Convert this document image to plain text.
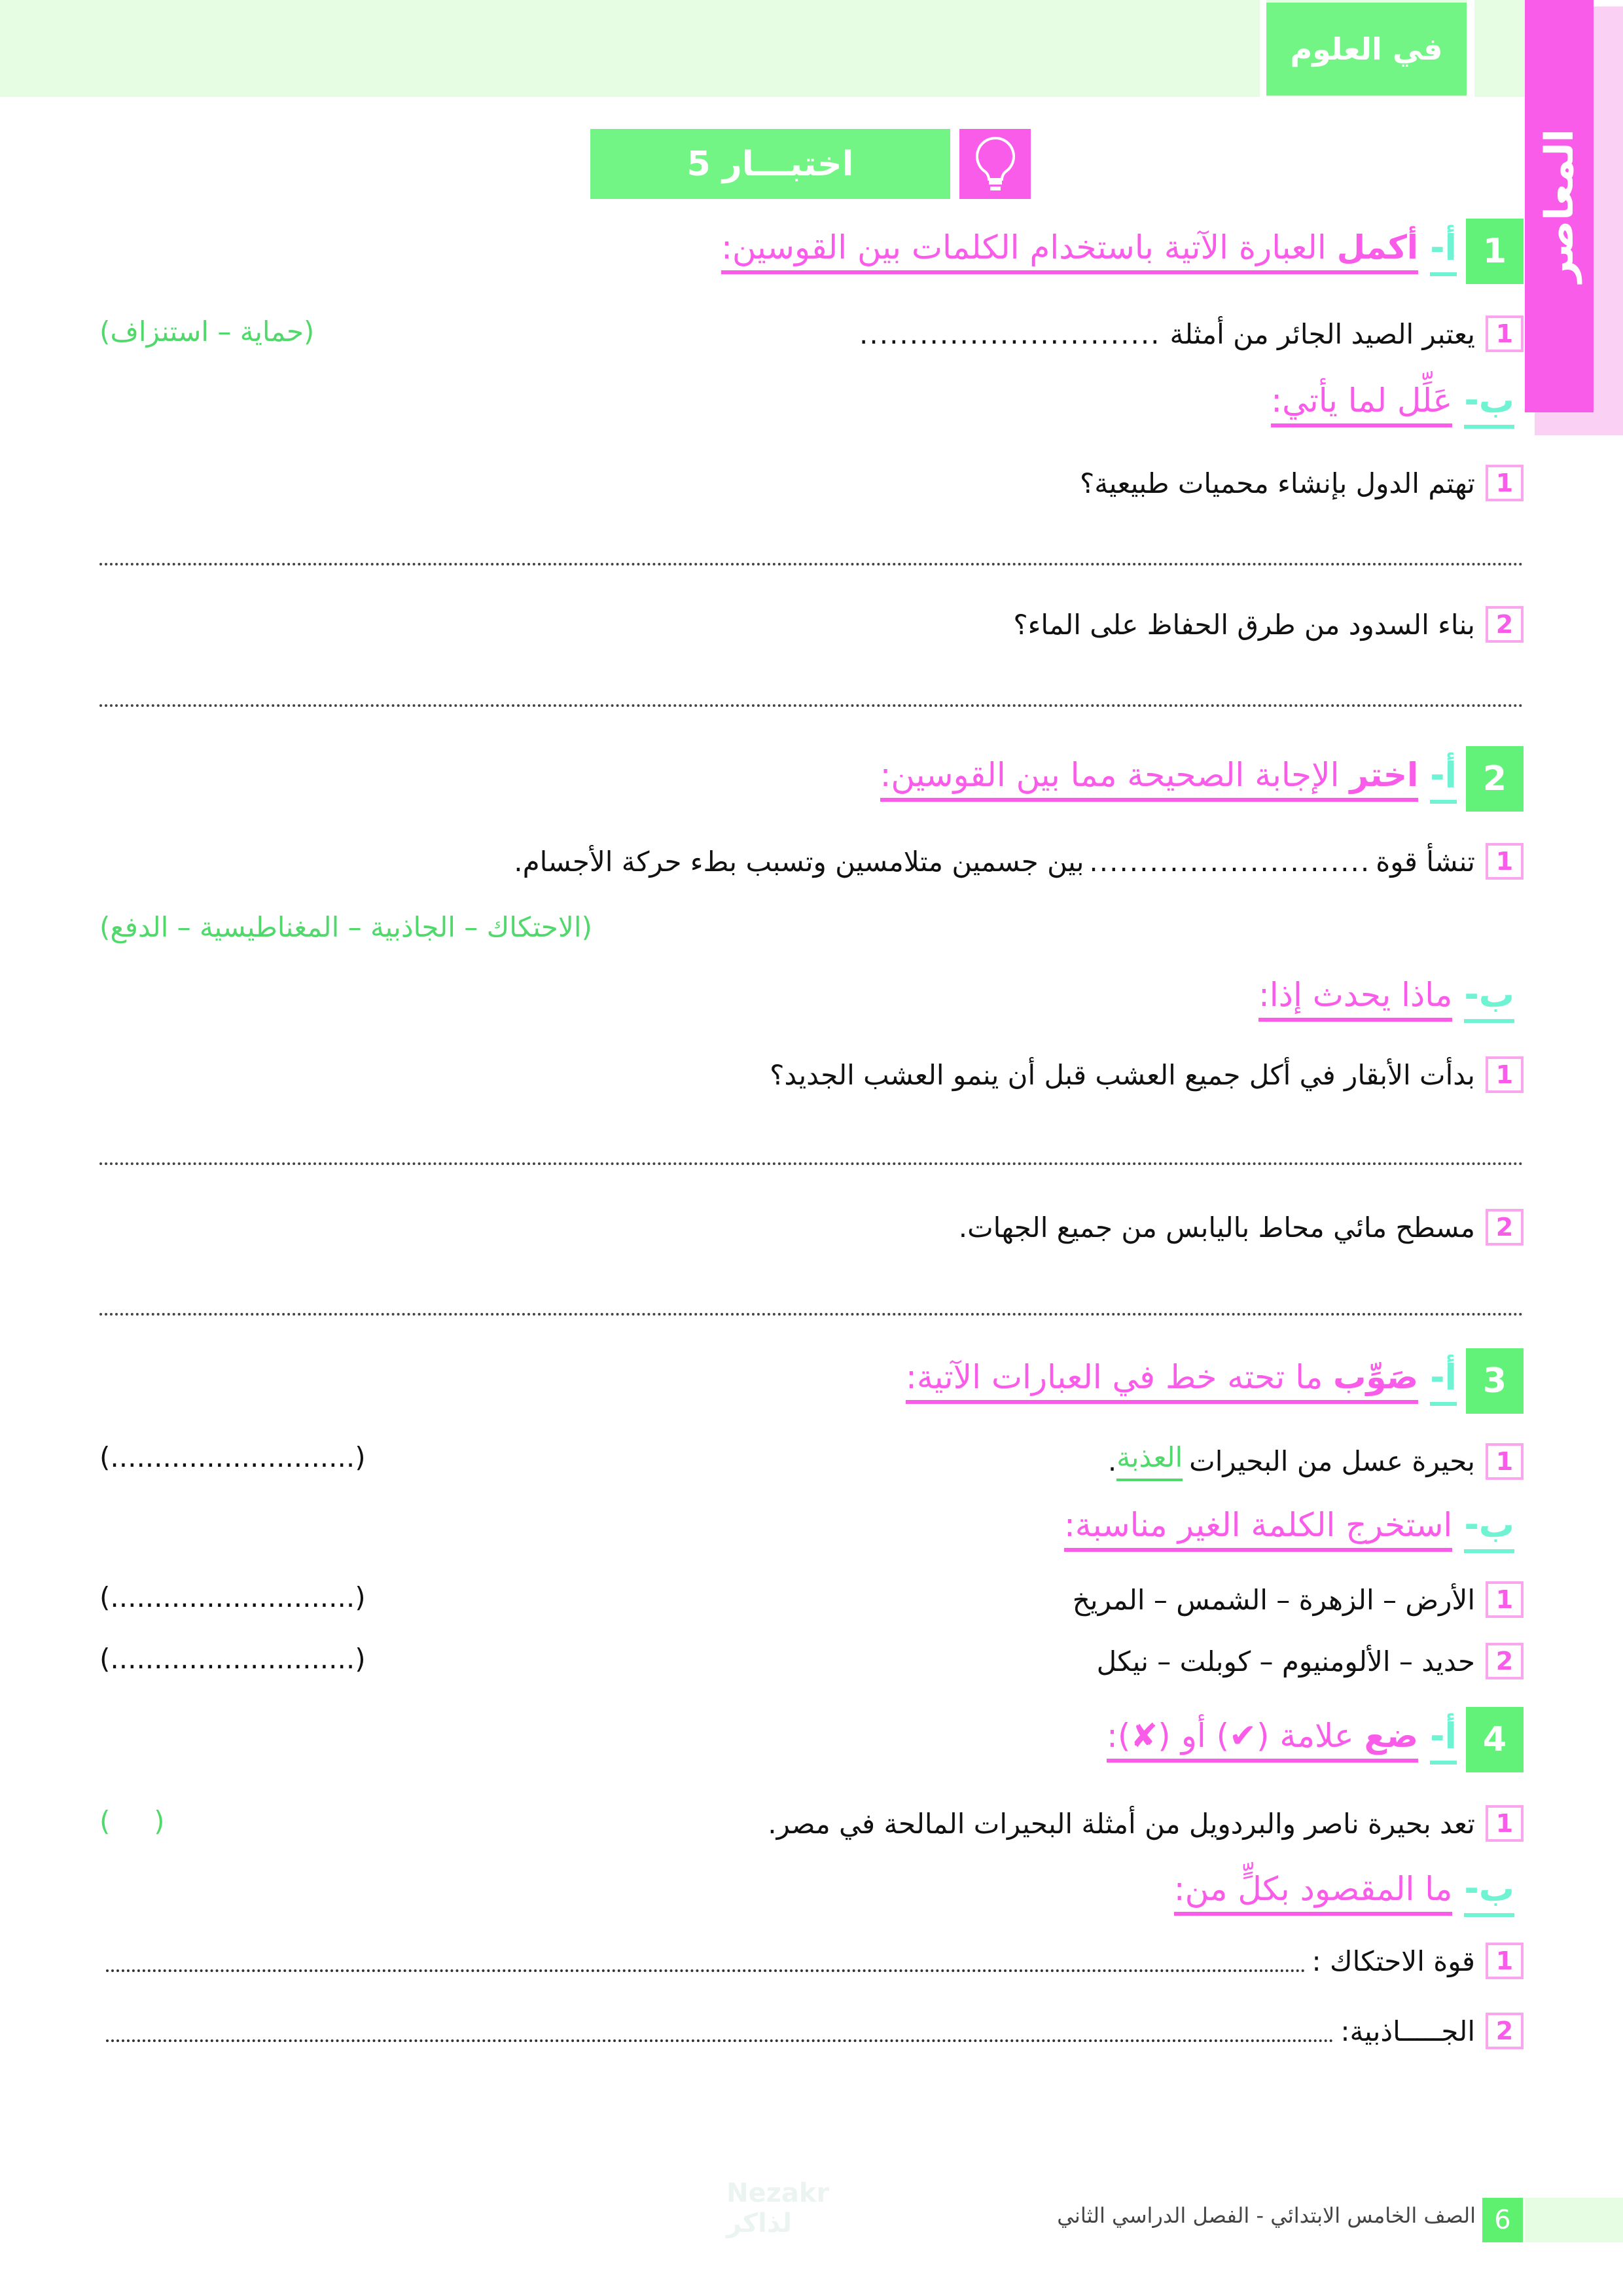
في العلوم
المعاصر
اختبـــار 5
1
أ-
أكمل العبارة الآتية باستخدام الكلمات بين القوسين:
1
يعتبر الصيد الجائر من أمثلة
..............................
(حماية – استنزاف)
ب-
عَلِّل لما يأتي:
1
تهتم الدول بإنشاء محميات طبيعية؟
2
بناء السدود من طرق الحفاظ على الماء؟
2
أ-
اختر الإجابة الصحيحة مما بين القوسين:
1
تنشأ قوة
............................
بين جسمين متلامسين وتسبب بطء حركة الأجسام.
(الاحتكاك – الجاذبية – المغناطيسية – الدفع)
ب-
ماذا يحدث إذا:
1
بدأت الأبقار في أكل جميع العشب قبل أن ينمو العشب الجديد؟
2
مسطح مائي محاط باليابس من جميع الجهات.
3
أ-
صَوِّب ما تحته خط في العبارات الآتية:
1
بحيرة عسل من البحيرات
العذبة
.
(............................)
ب-
استخرج الكلمة الغير مناسبة:
1
الأرض – الزهرة – الشمس – المريخ
(............................)
2
حديد – الألومنيوم – كوبلت – نيكل
(............................)
4
أ-
ضع علامة (✔) أو (✘):
1
تعد بحيرة ناصر والبردويل من أمثلة البحيرات المالحة في مصر.
(     )
ب-
ما المقصود بكلٍّ من:
1
قوة الاحتكاك :
2
الجـــــاذبية:
Nezakr لذاكر	6
الصف الخامس الابتدائي - الفصل الدراسي الثاني
